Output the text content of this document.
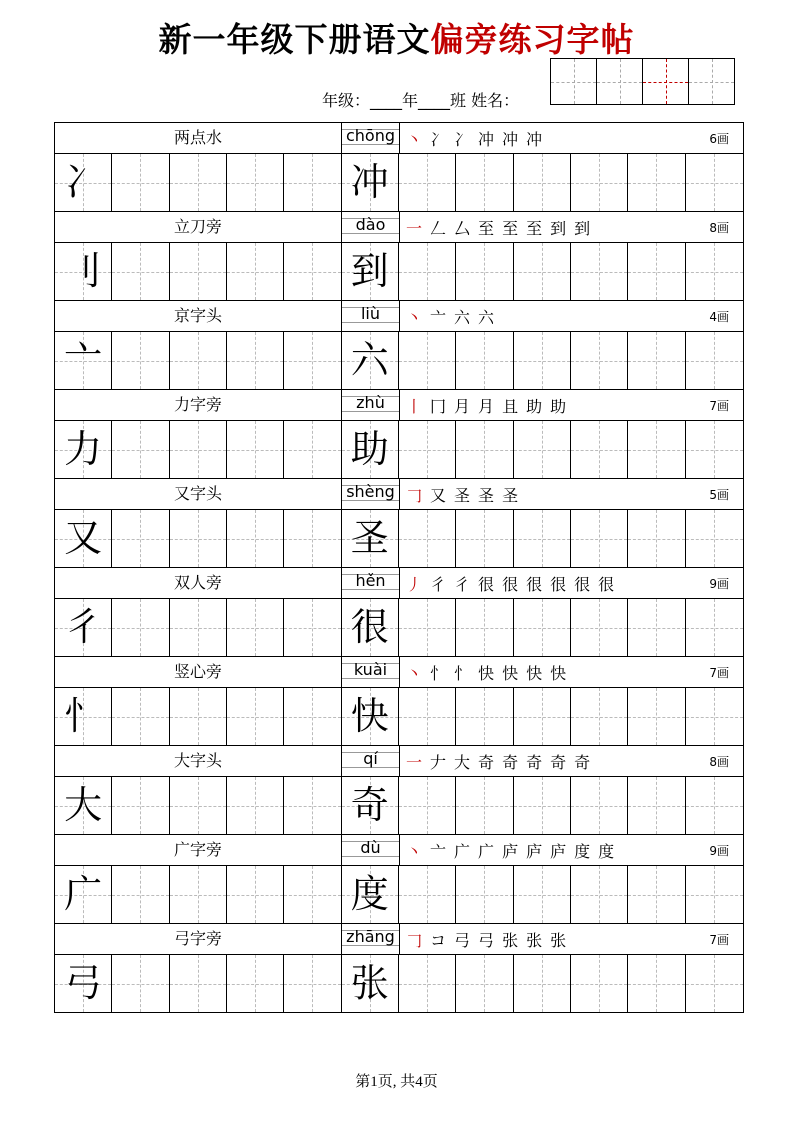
新一年级下册语文偏旁练习字帖
年级：____年____班 姓名：
两点水	chōng 丶 冫 冫 冲 冲 冲	6画
冫	冲
立刀旁	dào	一 𠃋 厶 至 至 至 到 到	8画
刂	到
京字头	liù	丶 亠 六 六	4画
亠	六
力字旁	zhù	丨 冂 月 月 且 助 助	7画
力	助
又字头	shèng 𠃌 又 圣 圣 圣	5画
又	圣
双人旁	hěn	丿 彳 彳 很 很 很 很 很 很	9画
彳	很
竖心旁	kuài	丶 忄 忄 快 快 快 快	7画
忄	快
大字头	qí	一 𠂇 大 奇 奇 奇 奇 奇	8画
大	奇
广字旁	dù	丶 亠 广 广 庐 庐 庐 度 度	9画
广	度
弓字旁	zhāng 𠃌 コ 弓 弓 张 张 张	7画
弓	张
第1页, 共4页
